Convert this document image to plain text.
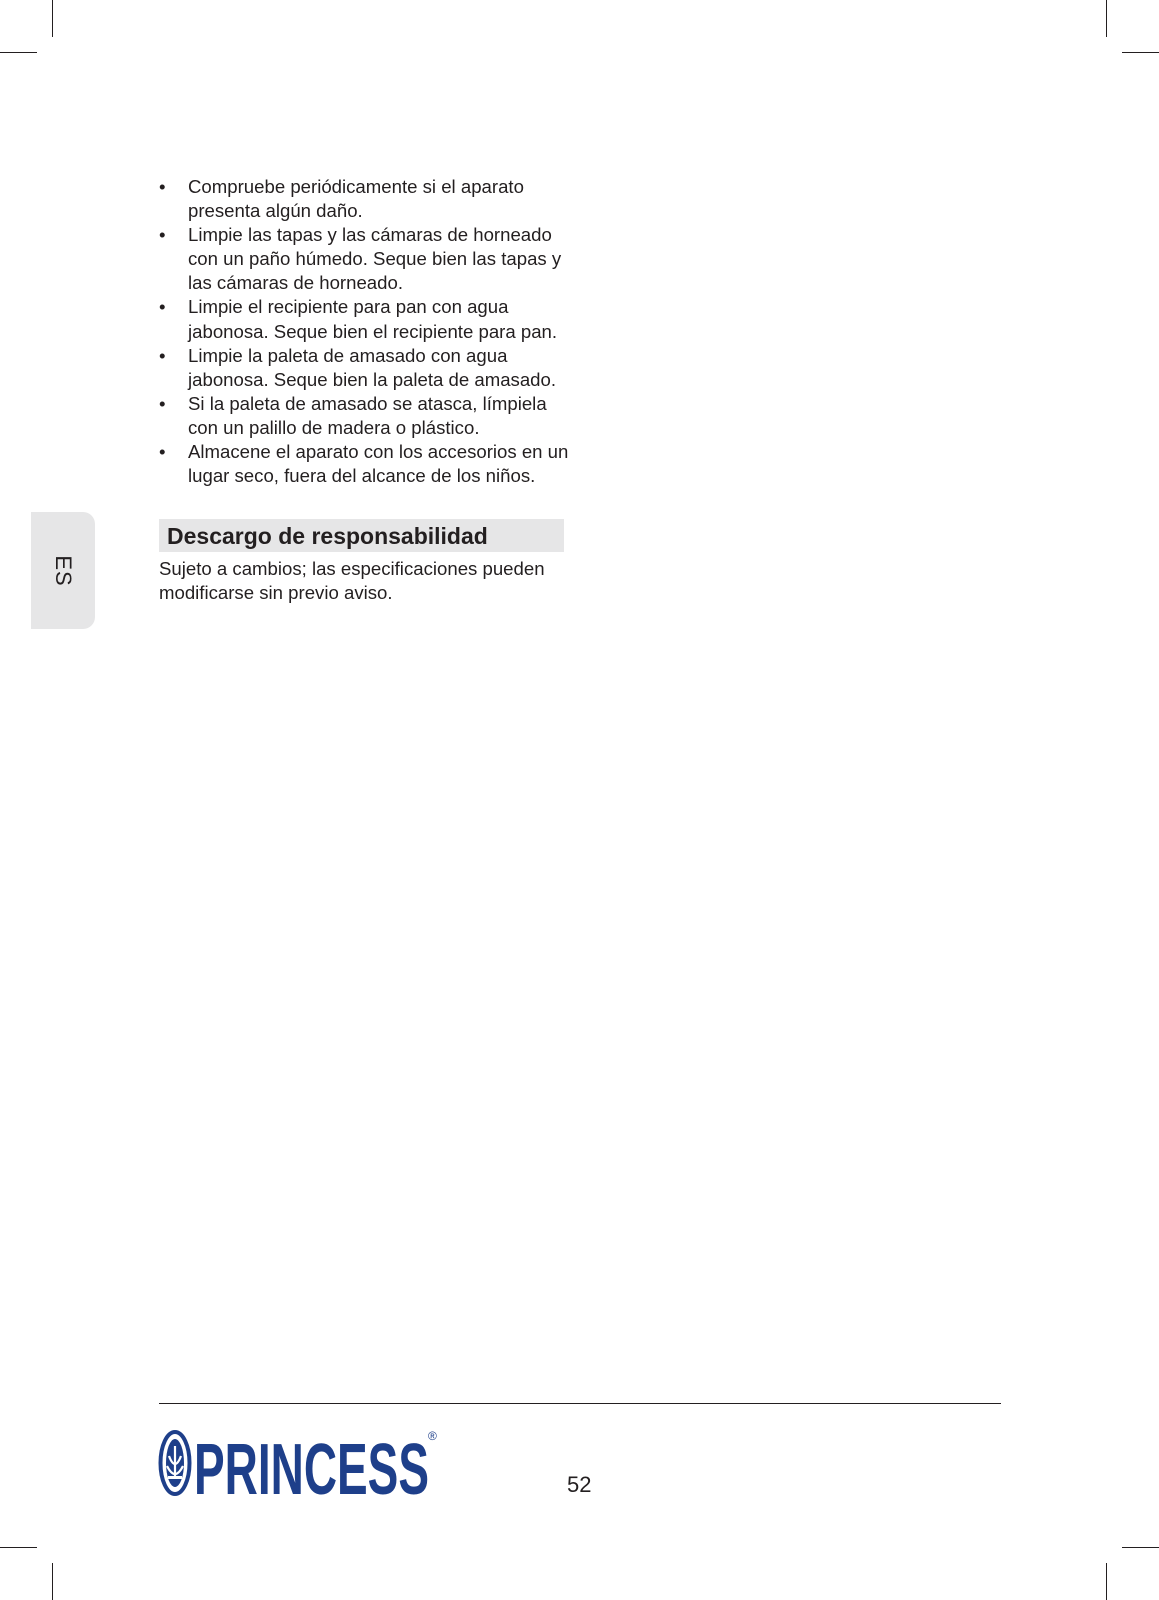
ES
• Compruebe periódicamente si el aparato presenta algún daño.
• Limpie las tapas y las cámaras de horneado con un paño húmedo. Seque bien las tapas y las cámaras de horneado.
• Limpie el recipiente para pan con agua jabonosa. Seque bien el recipiente para pan.
• Limpie la paleta de amasado con agua jabonosa. Seque bien la paleta de amasado.
• Si la paleta de amasado se atasca, límpiela con un palillo de madera o plástico.
• Almacene el aparato con los accesorios en un lugar seco, fuera del alcance de los niños.
Descargo de responsabilidad
Sujeto a cambios; las especificaciones pueden modificarse sin previo aviso.
PRINCESS ®
52
